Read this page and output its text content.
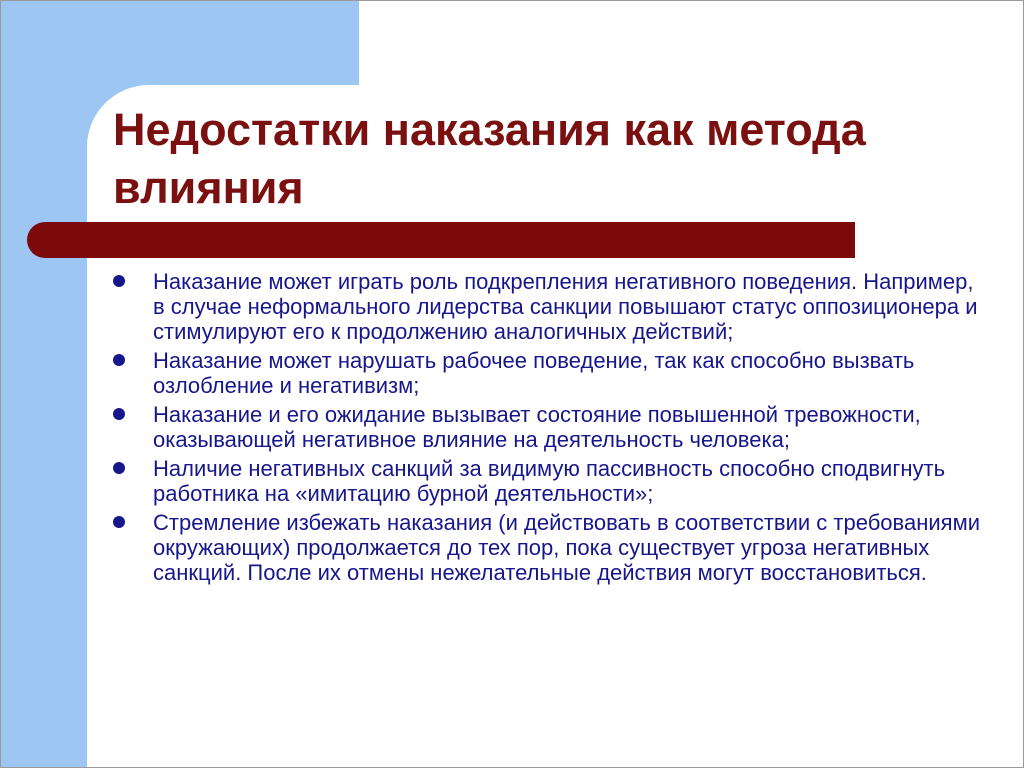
Недостатки наказания как метода влияния
Наказание может играть роль подкрепления негативного поведения. Например, в случае неформального лидерства санкции повышают статус оппозиционера и стимулируют его к продолжению аналогичных действий;
Наказание может нарушать рабочее поведение, так как способно вызвать озлобление и негативизм;
Наказание и его ожидание вызывает состояние повышенной тревожности, оказывающей негативное влияние на деятельность человека;
Наличие негативных санкций за видимую пассивность способно сподвигнуть работника на «имитацию бурной деятельности»;
Стремление избежать наказания (и действовать в соответствии с требованиями окружающих) продолжается до тех пор, пока существует угроза негативных санкций. После их отмены нежелательные действия могут восстановиться.
